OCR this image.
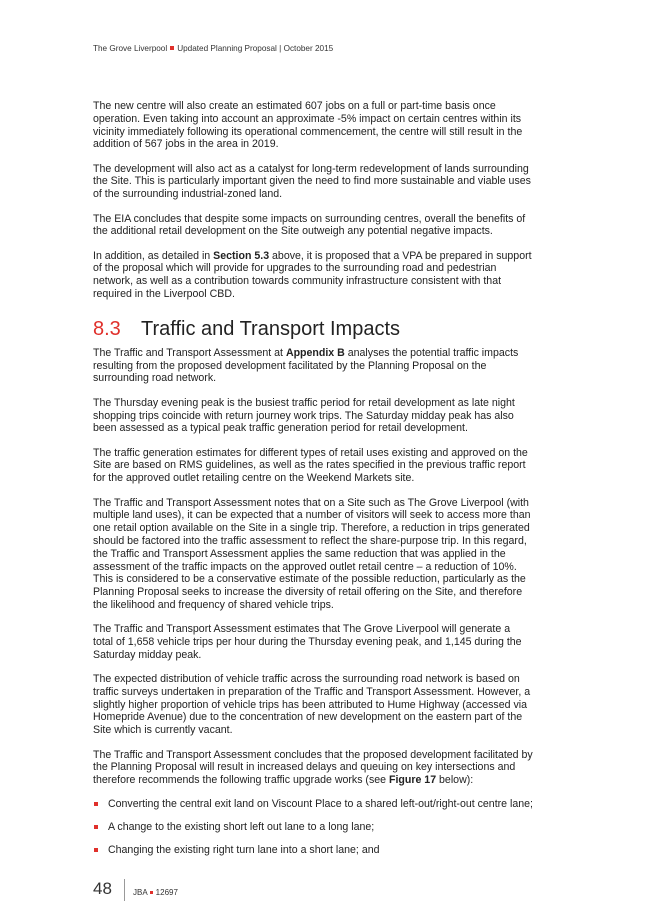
The Grove Liverpool Updated Planning Proposal | October 2015

The new centre will also create an estimated 607 jobs on a full or part-time basis once operation. Even taking into account an approximate -5% impact on certain centres within its vicinity immediately following its operational commencement, the centre will still result in the addition of 567 jobs in the area in 2019.

The development will also act as a catalyst for long-term redevelopment of lands surrounding the Site. This is particularly important given the need to find more sustainable and viable uses of the surrounding industrial-zoned land.

The EIA concludes that despite some impacts on surrounding centres, overall the benefits of the additional retail development on the Site outweigh any potential negative impacts.

In addition, as detailed in Section 5.3 above, it is proposed that a VPA be prepared in support of the proposal which will provide for upgrades to the surrounding road and pedestrian network, as well as a contribution towards community infrastructure consistent with that required in the Liverpool CBD.

8.3 Traffic and Transport Impacts

The Traffic and Transport Assessment at Appendix B analyses the potential traffic impacts resulting from the proposed development facilitated by the Planning Proposal on the surrounding road network.

The Thursday evening peak is the busiest traffic period for retail development as late night shopping trips coincide with return journey work trips. The Saturday midday peak has also been assessed as a typical peak traffic generation period for retail development.

The traffic generation estimates for different types of retail uses existing and approved on the Site are based on RMS guidelines, as well as the rates specified in the previous traffic report for the approved outlet retailing centre on the Weekend Markets site.

The Traffic and Transport Assessment notes that on a Site such as The Grove Liverpool (with multiple land uses), it can be expected that a number of visitors will seek to access more than one retail option available on the Site in a single trip. Therefore, a reduction in trips generated should be factored into the traffic assessment to reflect the share-purpose trip. In this regard, the Traffic and Transport Assessment applies the same reduction that was applied in the assessment of the traffic impacts on the approved outlet retail centre – a reduction of 10%. This is considered to be a conservative estimate of the possible reduction, particularly as the Planning Proposal seeks to increase the diversity of retail offering on the Site, and therefore the likelihood and frequency of shared vehicle trips.

The Traffic and Transport Assessment estimates that The Grove Liverpool will generate a total of 1,658 vehicle trips per hour during the Thursday evening peak, and 1,145 during the Saturday midday peak.

The expected distribution of vehicle traffic across the surrounding road network is based on traffic surveys undertaken in preparation of the Traffic and Transport Assessment. However, a slightly higher proportion of vehicle trips has been attributed to Hume Highway (accessed via Homepride Avenue) due to the concentration of new development on the eastern part of the Site which is currently vacant.

The Traffic and Transport Assessment concludes that the proposed development facilitated by the Planning Proposal will result in increased delays and queuing on key intersections and therefore recommends the following traffic upgrade works (see Figure 17 below):

Converting the central exit land on Viscount Place to a shared left-out/right-out centre lane;
A change to the existing short left out lane to a long lane;
Changing the existing right turn lane into a short lane; and
48	JBA 12697
